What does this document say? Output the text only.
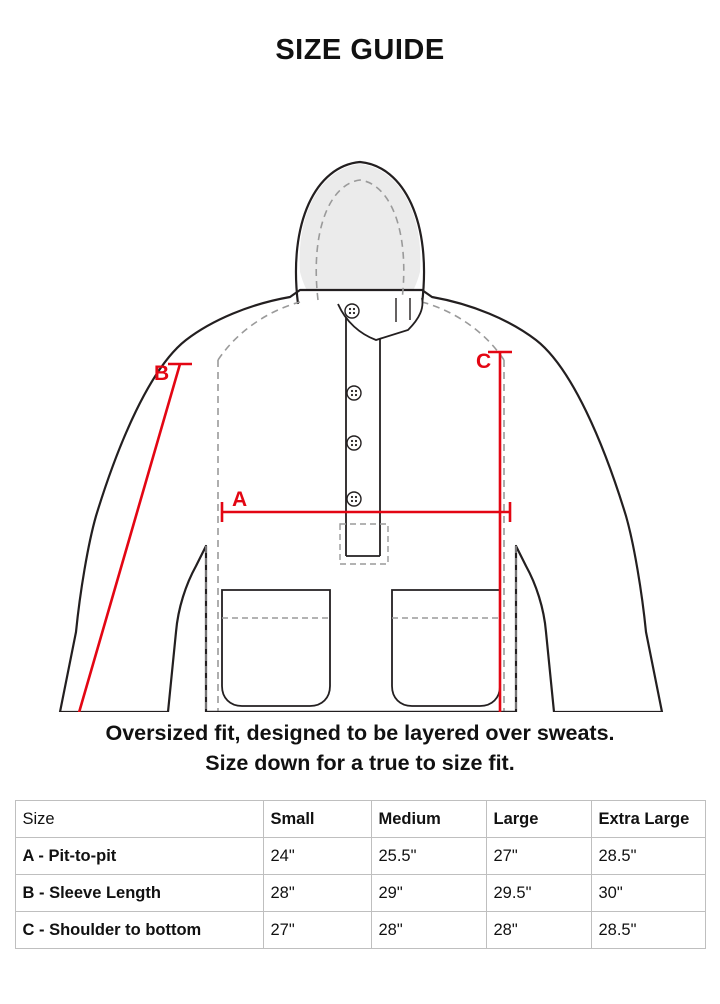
SIZE GUIDE
A
B
C
Oversized fit, designed to be layered over sweats.
Size down for a true to size fit.
Size	Small	Medium	Large	Extra Large
A - Pit-to-pit	24"	25.5"	27"	28.5"
B - Sleeve Length	28"	29"	29.5"	30"
C - Shoulder to bottom	27"	28"	28"	28.5"
